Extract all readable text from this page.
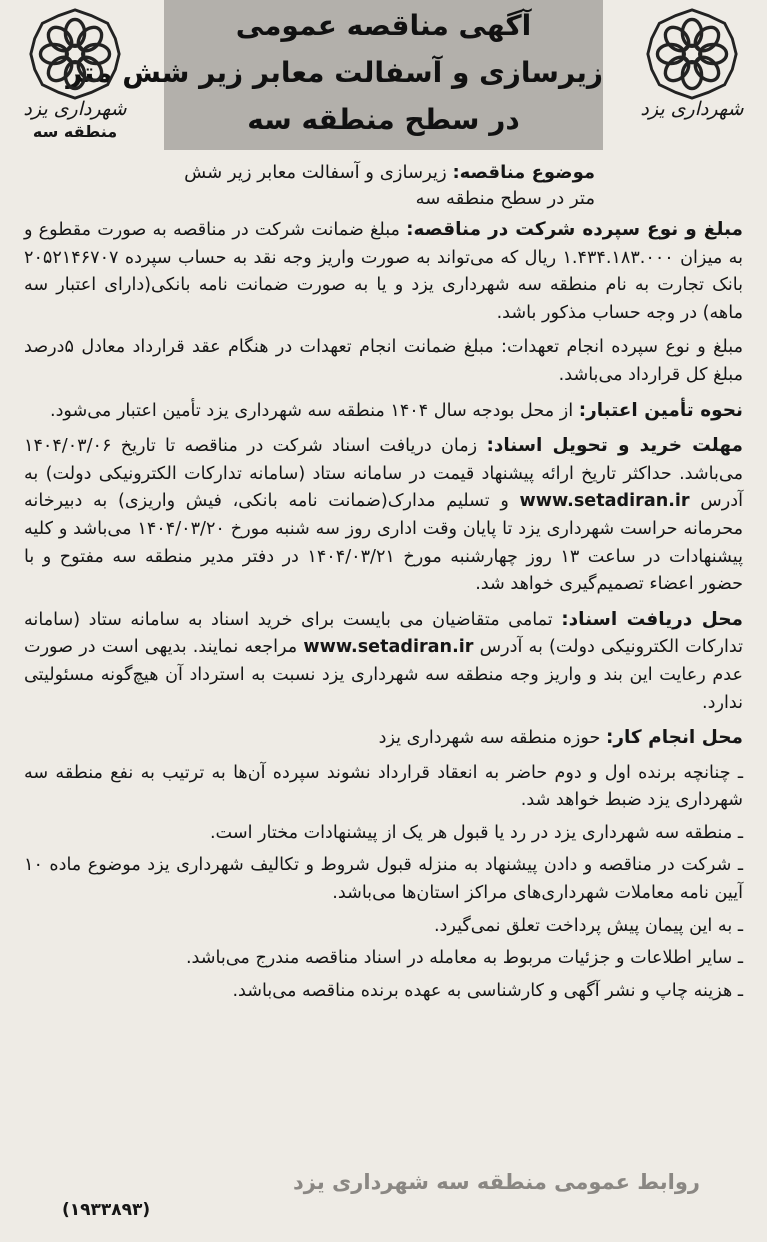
شهرداری یزد
آگهی مناقصه عمومی
زیرسازی و آسفالت معابر زیر شش متر
در سطح منطقه سه
شهرداری یزد
منطقه سه
موضوع مناقصه: زیرسازی و آسفالت معابر زیر شش متر در سطح منطقه سه

مبلغ و نوع سپرده شرکت در مناقصه: مبلغ ضمانت شرکت در مناقصه به صورت مقطوع و به میزان ۱.۴۳۴.۱۸۳.۰۰۰ ریال که می‌تواند به صورت واریز وجه نقد به حساب سپرده ۲۰۵۲۱۴۶۷۰۷ بانک تجارت به نام منطقه سه شهرداری یزد و یا به صورت ضمانت نامه بانکی(دارای اعتبار سه ماهه) در وجه حساب مذکور باشد.

مبلغ و نوع سپرده انجام تعهدات: مبلغ ضمانت انجام تعهدات در هنگام عقد قرارداد معادل ۵درصد مبلغ کل قرارداد می‌باشد.

نحوه تأمین اعتبار: از محل بودجه سال ۱۴۰۴ منطقه سه شهرداری یزد تأمین اعتبار می‌شود.

مهلت خرید و تحویل اسناد: زمان دریافت اسناد شرکت در مناقصه تا تاریخ ۱۴۰۴/۰۳/۰۶ می‌باشد. حداکثر تاریخ ارائه پیشنهاد قیمت در سامانه ستاد (سامانه تدارکات الکترونیکی دولت) به آدرس www.setadiran.ir و تسلیم مدارک(ضمانت نامه بانکی، فیش واریزی) به دبیرخانه محرمانه حراست شهرداری یزد تا پایان وقت اداری روز سه شنبه مورخ ۱۴۰۴/۰۳/۲۰ می‌باشد و کلیه پیشنهادات در ساعت ۱۳ روز چهارشنبه مورخ ۱۴۰۴/۰۳/۲۱ در دفتر مدیر منطقه سه مفتوح و با حضور اعضاء تصمیم‌گیری خواهد شد.

محل دریافت اسناد: تمامی متقاضیان می بایست برای خرید اسناد به سامانه ستاد (سامانه تدارکات الکترونیکی دولت) به آدرس www.setadiran.ir مراجعه نمایند. بدیهی است در صورت عدم رعایت این بند و واریز وجه منطقه سه شهرداری یزد نسبت به استرداد آن هیچ‌گونه مسئولیتی ندارد.

محل انجام کار: حوزه منطقه سه شهرداری یزد

ـ چنانچه برنده اول و دوم حاضر به انعقاد قرارداد نشوند سپرده آن‌ها به ترتیب به نفع منطقه سه شهرداری یزد ضبط خواهد شد.

ـ منطقه سه شهرداری یزد در رد یا قبول هر یک از پیشنهادات مختار است.

ـ شرکت در مناقصه و دادن پیشنهاد به منزله قبول شروط و تکالیف شهرداری یزد موضوع ماده ۱۰ آیین نامه معاملات شهرداری‌های مراکز استان‌ها می‌باشد.

ـ به این پیمان پیش پرداخت تعلق نمی‌گیرد.

ـ سایر اطلاعات و جزئیات مربوط به معامله در اسناد مناقصه مندرج می‌باشد.

ـ هزینه چاپ و نشر آگهی و کارشناسی به عهده برنده مناقصه می‌باشد.

روابط عمومی منطقه سه شهرداری یزد
(۱۹۳۳۸۹۳)
